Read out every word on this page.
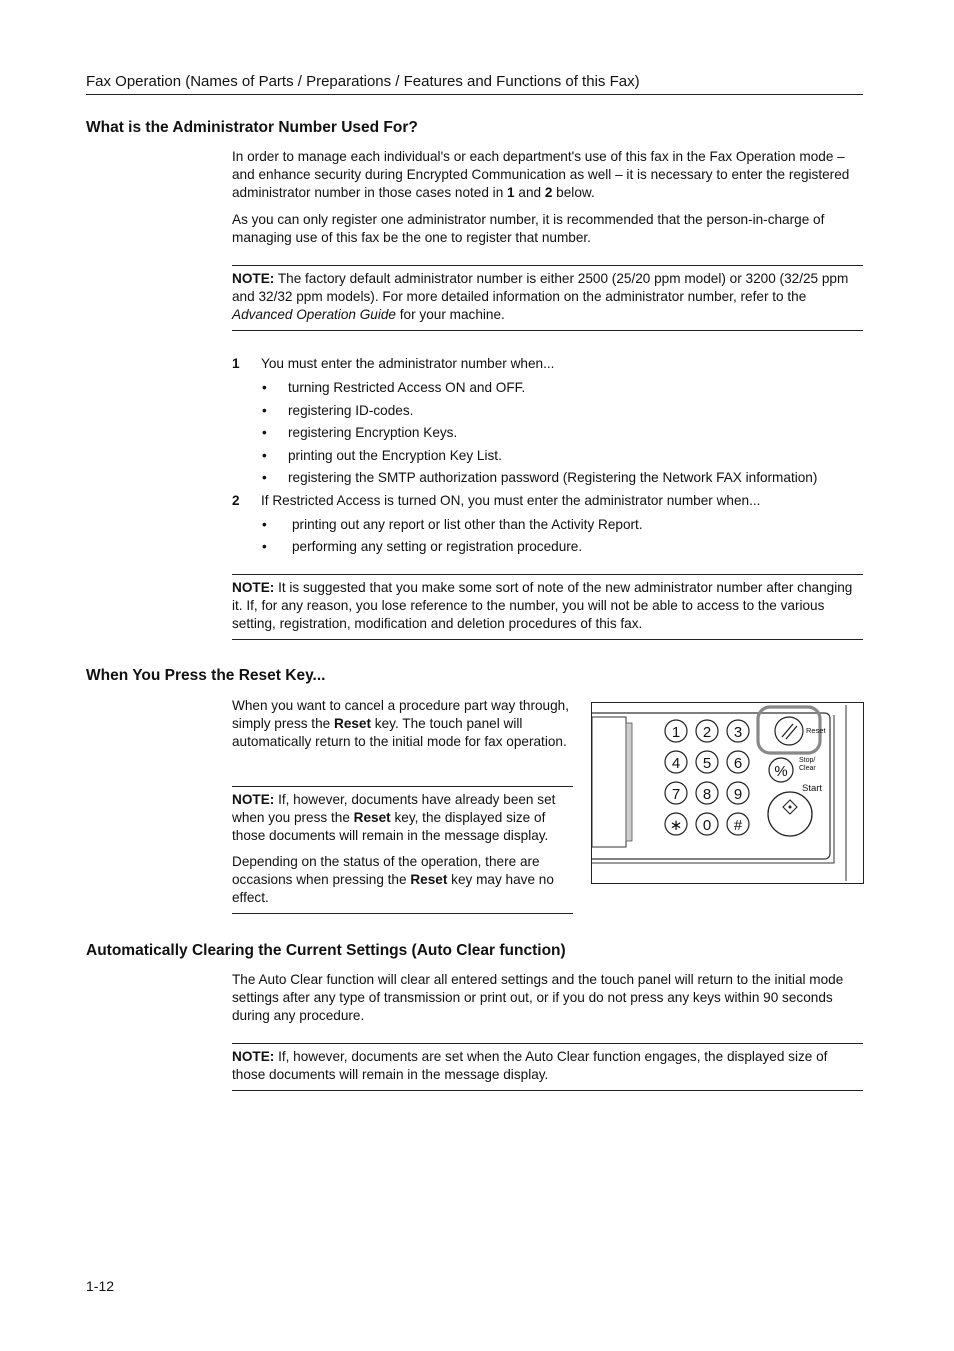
Fax Operation (Names of Parts / Preparations / Features and Functions of this Fax)
What is the Administrator Number Used For?
In order to manage each individual's or each department's use of this fax in the Fax Operation mode – and enhance security during Encrypted Communication as well – it is necessary to enter the registered administrator number in those cases noted in 1 and 2 below.
As you can only register one administrator number, it is recommended that the person-in-charge of managing use of this fax be the one to register that number.
NOTE: The factory default administrator number is either 2500 (25/20 ppm model) or 3200 (32/25 ppm and 32/32 ppm models). For more detailed information on the administrator number, refer to the Advanced Operation Guide for your machine.
1 You must enter the administrator number when...
• turning Restricted Access ON and OFF.
• registering ID-codes.
• registering Encryption Keys.
• printing out the Encryption Key List.
• registering the SMTP authorization password (Registering the Network FAX information)
2 If Restricted Access is turned ON, you must enter the administrator number when...
• printing out any report or list other than the Activity Report.
• performing any setting or registration procedure.
NOTE: It is suggested that you make some sort of note of the new administrator number after changing it. If, for any reason, you lose reference to the number, you will not be able to access to the various setting, registration, modification and deletion procedures of this fax.
When You Press the Reset Key...
When you want to cancel a procedure part way through, simply press the Reset key. The touch panel will automatically return to the initial mode for fax operation.
NOTE: If, however, documents have already been set when you press the Reset key, the displayed size of those documents will remain in the message display.
Depending on the status of the operation, there are occasions when pressing the Reset key may have no effect.
1 2 3
4 5 6
7 8 9
∗ 0 #
Reset
%
Stop/
Clear
Start
Automatically Clearing the Current Settings (Auto Clear function)
The Auto Clear function will clear all entered settings and the touch panel will return to the initial mode settings after any type of transmission or print out, or if you do not press any keys within 90 seconds during any procedure.
NOTE: If, however, documents are set when the Auto Clear function engages, the displayed size of those documents will remain in the message display.
1-12
